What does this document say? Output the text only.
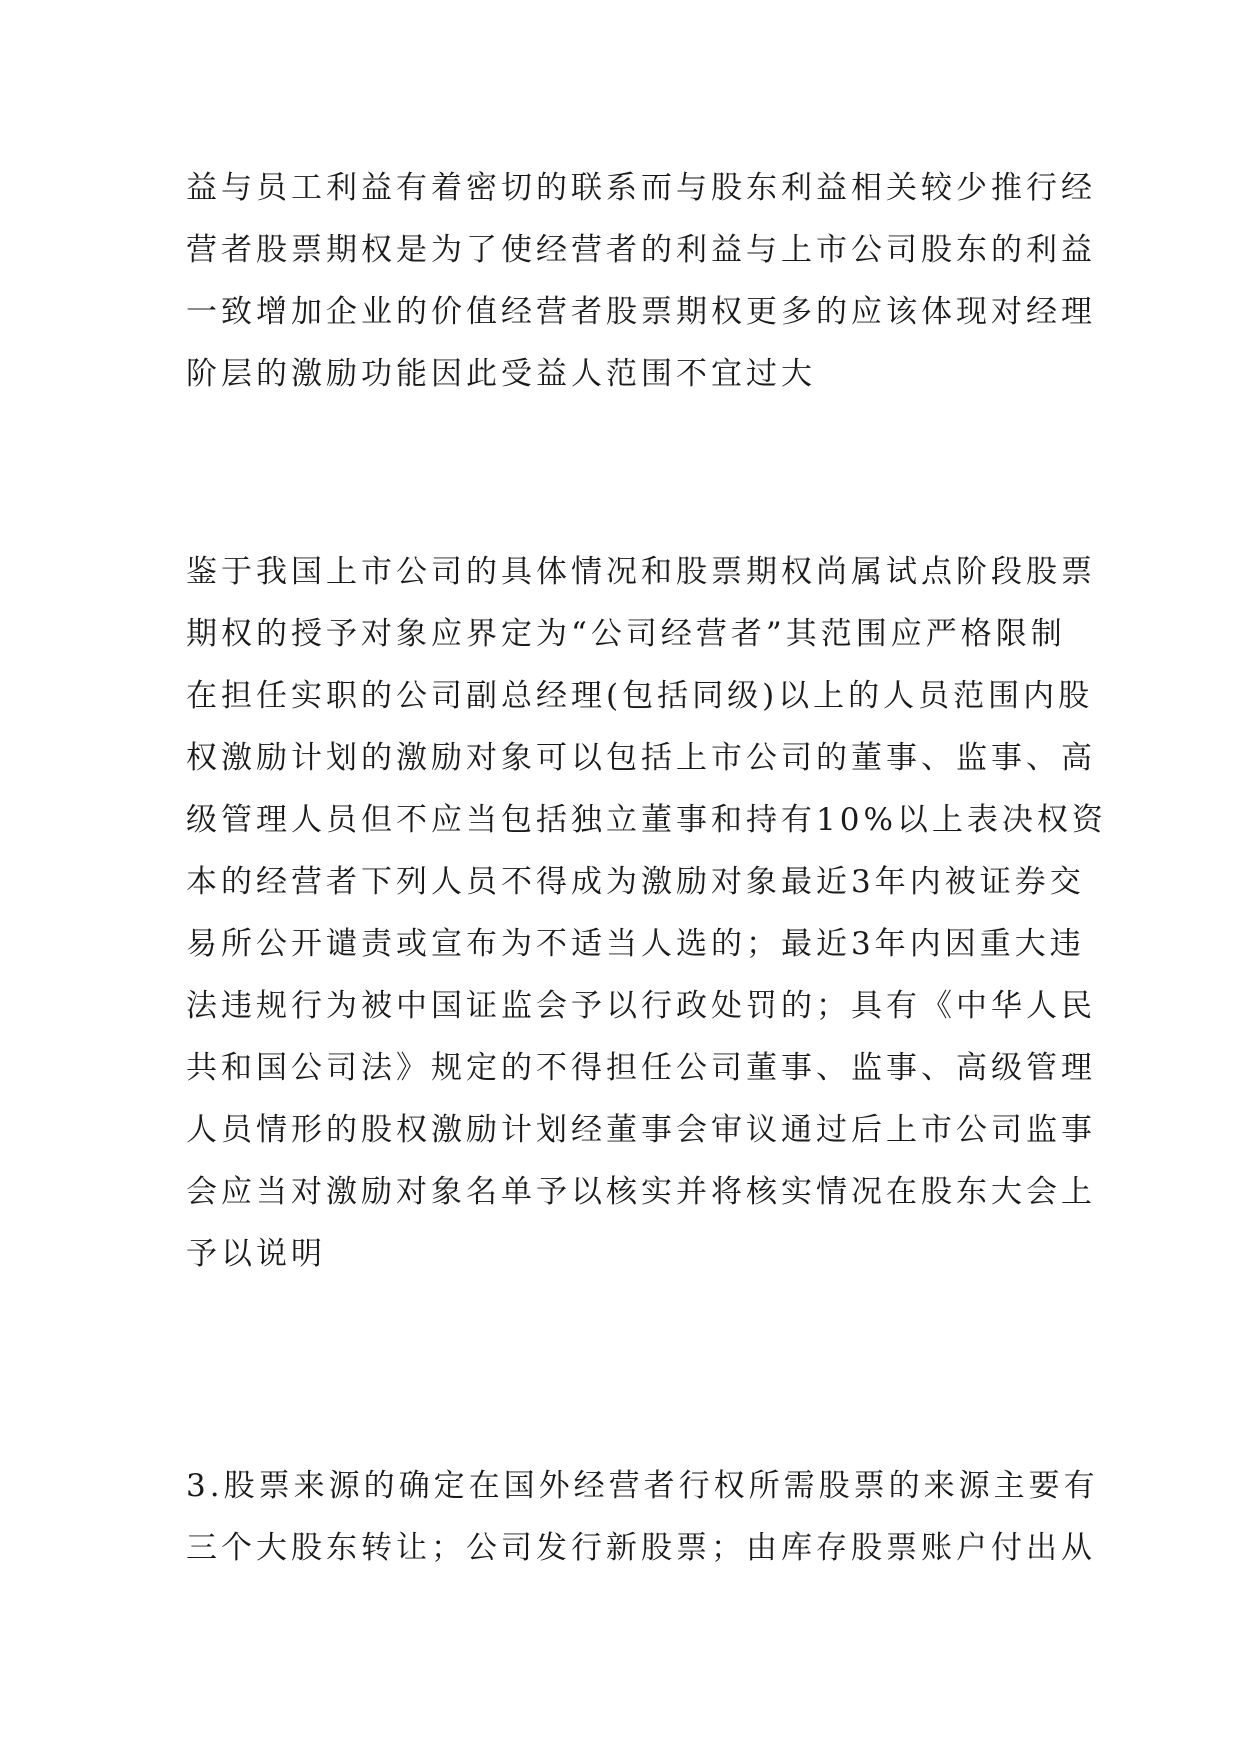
益与员工利益有着密切的联系而与股东利益相关较少推行经
营者股票期权是为了使经营者的利益与上市公司股东的利益
一致增加企业的价值经营者股票期权更多的应该体现对经理
阶层的激励功能因此受益人范围不宜过大
鉴于我国上市公司的具体情况和股票期权尚属试点阶段股票
期权的授予对象应界定为“公司经营者”其范围应严格限制
在担任实职的公司副总经理(包括同级)以上的人员范围内股
权激励计划的激励对象可以包括上市公司的董事、监事、高
级管理人员但不应当包括独立董事和持有10%以上表决权资
本的经营者下列人员不得成为激励对象最近3年内被证券交
易所公开谴责或宣布为不适当人选的；最近3年内因重大违
法违规行为被中国证监会予以行政处罚的；具有《中华人民
共和国公司法》规定的不得担任公司董事、监事、高级管理
人员情形的股权激励计划经董事会审议通过后上市公司监事
会应当对激励对象名单予以核实并将核实情况在股东大会上
予以说明
3.股票来源的确定在国外经营者行权所需股票的来源主要有
三个大股东转让；公司发行新股票；由库存股票账户付出从
